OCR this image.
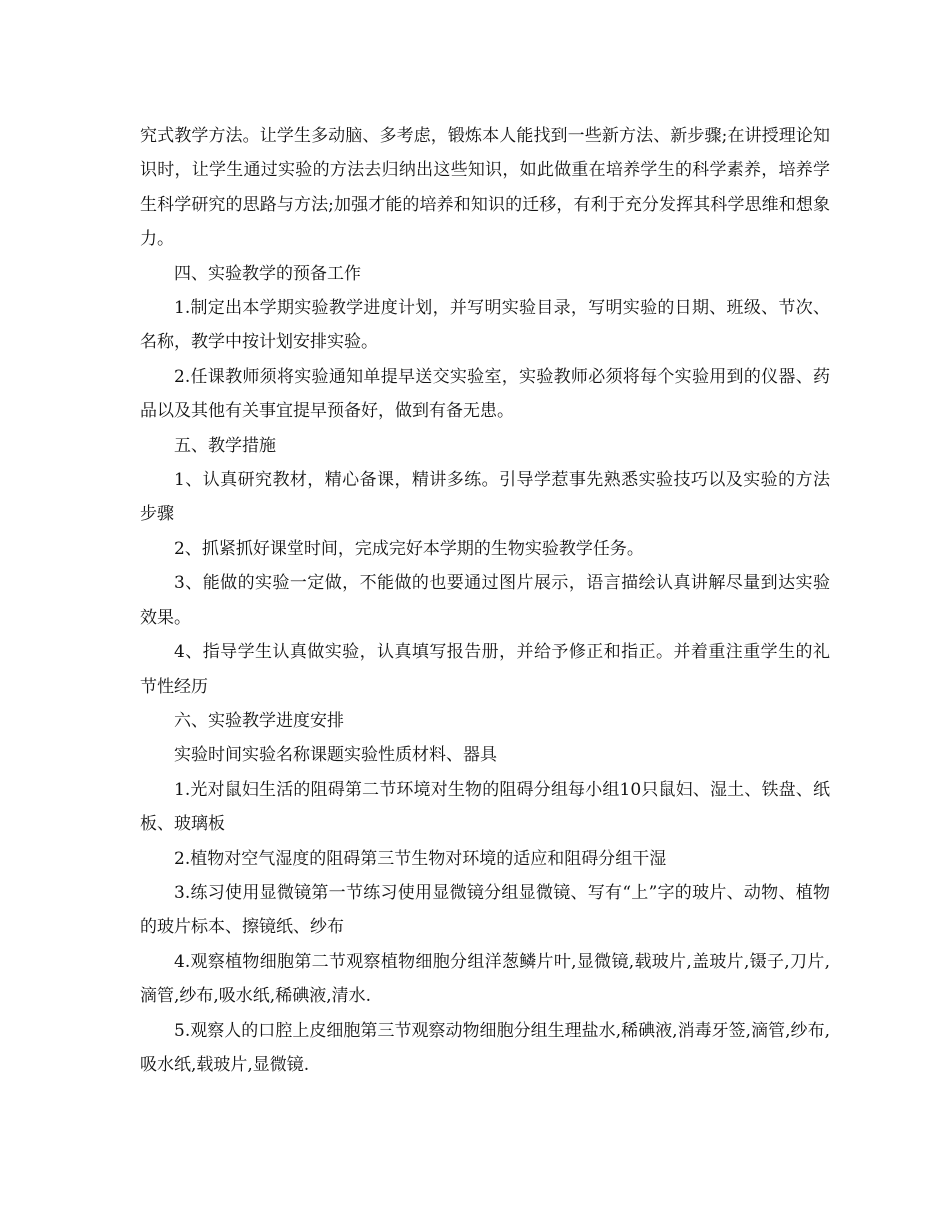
究式教学方法。让学生多动脑、多考虑，锻炼本人能找到一些新方法、新步骤;在讲授理论知识时，让学生通过实验的方法去归纳出这些知识，如此做重在培养学生的科学素养，培养学生科学研究的思路与方法;加强才能的培养和知识的迁移，有利于充分发挥其科学思维和想象力。

四、实验教学的预备工作

1.制定出本学期实验教学进度计划，并写明实验目录，写明实验的日期、班级、节次、名称，教学中按计划安排实验。

2.任课教师须将实验通知单提早送交实验室，实验教师必须将每个实验用到的仪器、药品以及其他有关事宜提早预备好，做到有备无患。

五、教学措施

1、认真研究教材，精心备课，精讲多练。引导学惹事先熟悉实验技巧以及实验的方法步骤

2、抓紧抓好课堂时间，完成完好本学期的生物实验教学任务。

3、能做的实验一定做，不能做的也要通过图片展示，语言描绘认真讲解尽量到达实验效果。

4、指导学生认真做实验，认真填写报告册，并给予修正和指正。并着重注重学生的礼节性经历

六、实验教学进度安排

实验时间实验名称课题实验性质材料、器具

1.光对鼠妇生活的阻碍第二节环境对生物的阻碍分组每小组10只鼠妇、湿土、铁盘、纸板、玻璃板

2.植物对空气湿度的阻碍第三节生物对环境的适应和阻碍分组干湿

3.练习使用显微镜第一节练习使用显微镜分组显微镜、写有“上”字的玻片、动物、植物的玻片标本、擦镜纸、纱布

4.观察植物细胞第二节观察植物细胞分组洋葱鳞片叶,显微镜,载玻片,盖玻片,镊子,刀片,滴管,纱布,吸水纸,稀碘液,清水.

5.观察人的口腔上皮细胞第三节观察动物细胞分组生理盐水,稀碘液,消毒牙签,滴管,纱布,吸水纸,载玻片,显微镜.
